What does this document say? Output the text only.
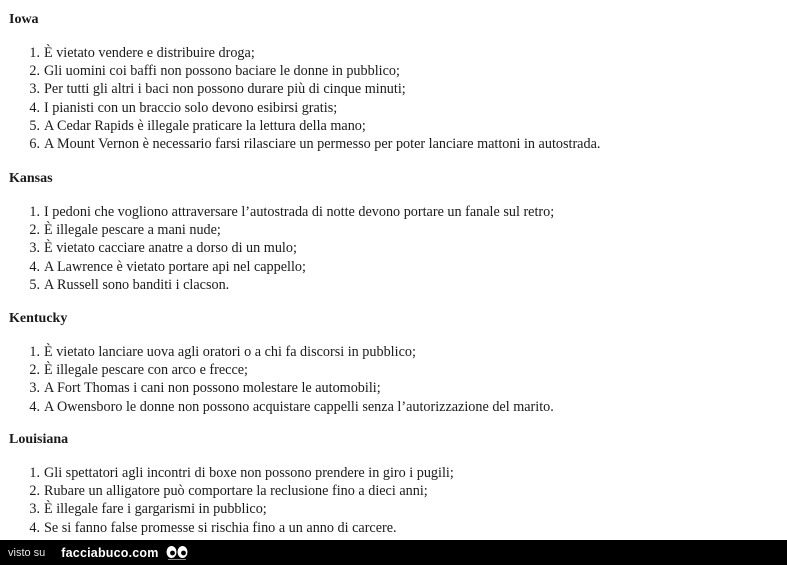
Iowa
1. È vietato vendere e distribuire droga;
2. Gli uomini coi baffi non possono baciare le donne in pubblico;
3. Per tutti gli altri i baci non possono durare più di cinque minuti;
4. I pianisti con un braccio solo devono esibirsi gratis;
5. A Cedar Rapids è illegale praticare la lettura della mano;
6. A Mount Vernon è necessario farsi rilasciare un permesso per poter lanciare mattoni in autostrada.
Kansas
1. I pedoni che vogliono attraversare l’autostrada di notte devono portare un fanale sul retro;
2. È illegale pescare a mani nude;
3. È vietato cacciare anatre a dorso di un mulo;
4. A Lawrence è vietato portare api nel cappello;
5. A Russell sono banditi i clacson.
Kentucky
1. È vietato lanciare uova agli oratori o a chi fa discorsi in pubblico;
2. È illegale pescare con arco e frecce;
3. A Fort Thomas i cani non possono molestare le automobili;
4. A Owensboro le donne non possono acquistare cappelli senza l’autorizzazione del marito.
Louisiana
1. Gli spettatori agli incontri di boxe non possono prendere in giro i pugili;
2. Rubare un alligatore può comportare la reclusione fino a dieci anni;
3. È illegale fare i gargarismi in pubblico;
4. Se si fanno false promesse si rischia fino a un anno di carcere.
visto su facciabuco.com
